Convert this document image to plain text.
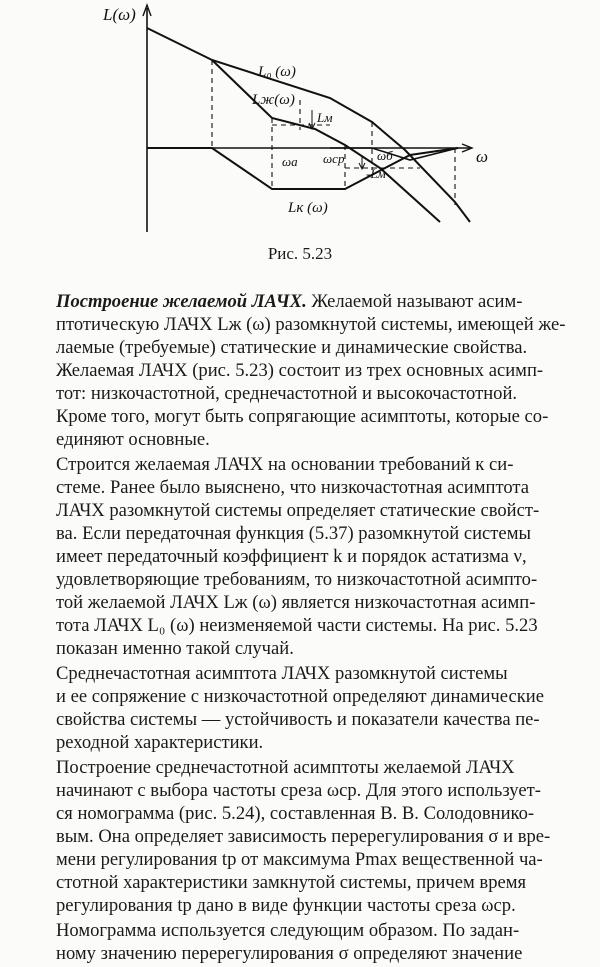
L(ω)
ω
L₀ (ω)
Lж(ω)
Lк (ω)
Lм
-Lм
ωa ωcp	ωб
Рис. 5.23
Построение желаемой ЛАЧХ. Желаемой называют асим-
птотическую ЛАЧХ Lж (ω) разомкнутой системы, имеющей же-
лаемые (требуемые) статические и динамические свойства.
Желаемая ЛАЧХ (рис. 5.23) состоит из трех основных асимп-
тот: низкочастотной, среднечастотной и высокочастотной.
Кроме того, могут быть сопрягающие асимптоты, которые со-
единяют основные.
Строится желаемая ЛАЧХ на основании требований к си-
стеме. Ранее было выяснено, что низкочастотная асимптота
ЛАЧХ разомкнутой системы определяет статические свойст-
ва. Если передаточная функция (5.37) разомкнутой системы
имеет передаточный коэффициент k и порядок астатизма ν,
удовлетворяющие требованиям, то низкочастотной асимпто-
той желаемой ЛАЧХ Lж (ω) является низкочастотная асимп-
тота ЛАЧХ L₀ (ω) неизменяемой части системы. На рис. 5.23
показан именно такой случай.
Среднечастотная асимптота ЛАЧХ разомкнутой системы
и ее сопряжение с низкочастотной определяют динамические
свойства системы — устойчивость и показатели качества пе-
реходной характеристики.
Построение среднечастотной асимптоты желаемой ЛАЧХ
начинают с выбора частоты среза ωср. Для этого использует-
ся номограмма (рис. 5.24), составленная В. В. Солодовнико-
вым. Она определяет зависимость перерегулирования σ и вре-
мени регулирования tр от максимума Pmax вещественной ча-
стотной характеристики замкнутой системы, причем время
регулирования tр дано в виде функции частоты среза ωср.
Номограмма используется следующим образом. По задан-
ному значению перерегулирования σ определяют значение
